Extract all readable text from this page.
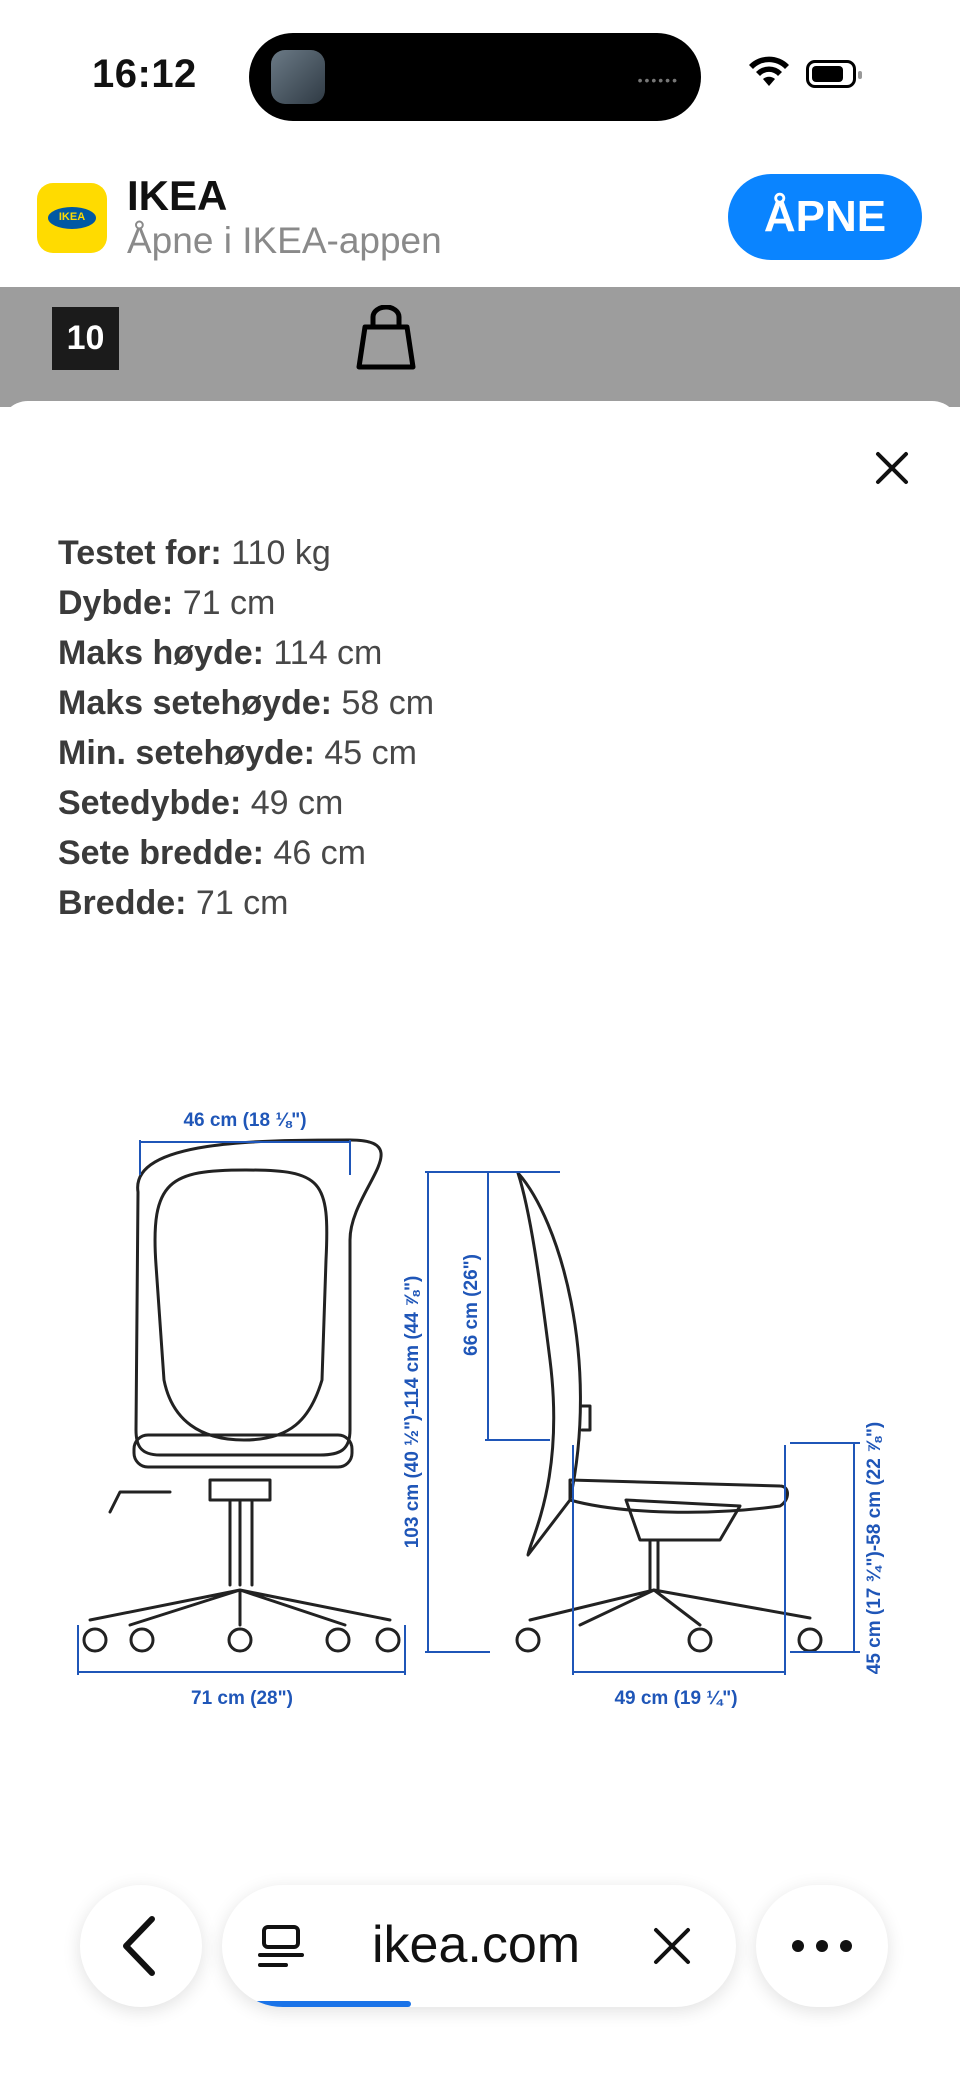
16:12	••••••
IKEA IKEA
Åpne i IKEA-appen	ÅPNE
10
Testet for: 110 kg
Dybde: 71 cm
Maks høyde: 114 cm
Maks setehøyde: 58 cm
Min. setehøyde: 45 cm
Setedybde: 49 cm
Sete bredde: 46 cm
Bredde: 71 cm
46 cm (18 ⅛")
71 cm (28")
103 cm (40 ½")-114 cm (44 ⅞") 66 cm (26")
45 cm (17 ¾")-58 cm (22 ⅞")
49 cm (19 ¼")
ikea.com
